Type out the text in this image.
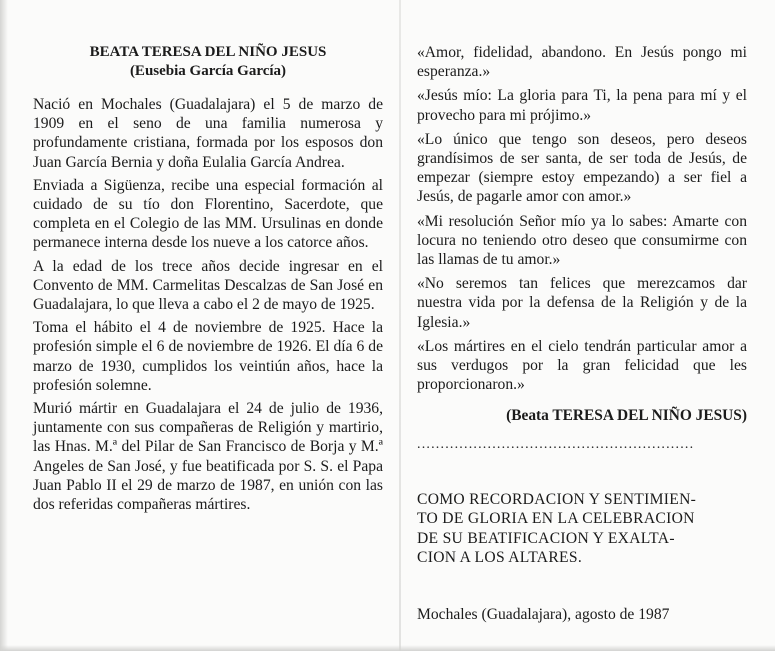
BEATA TERESA DEL NIÑO JESUS

(Eusebia García García)

Nació en Mochales (Guadalajara) el 5 de marzo de 1909 en el seno de una familia numerosa y profundamente cristiana, formada por los esposos don Juan García Bernia y doña Eulalia García Andrea.

Enviada a Sigüenza, recibe una especial formación al cuidado de su tío don Florentino, Sacerdote, que completa en el Colegio de las MM. Ursulinas en donde permanece interna desde los nueve a los catorce años.

A la edad de los trece años decide ingresar en el Convento de MM. Carmelitas Descalzas de San José en Guadalajara, lo que lleva a cabo el 2 de mayo de 1925.

Toma el hábito el 4 de noviembre de 1925. Hace la profesión simple el 6 de noviembre de 1926. El día 6 de marzo de 1930, cumplidos los veintiún años, hace la profesión solemne.

Murió mártir en Guadalajara el 24 de julio de 1936, juntamente con sus compañeras de Religión y martirio, las Hnas. M.ª del Pilar de San Francisco de Borja y M.ª Angeles de San José, y fue beatificada por S. S. el Papa Juan Pablo II el 29 de marzo de 1987, en unión con las dos referidas compañeras mártires.

«Amor, fidelidad, abandono. En Jesús pongo mi esperanza.»

«Jesús mío: La gloria para Ti, la pena para mí y el provecho para mi prójimo.»

«Lo único que tengo son deseos, pero deseos grandísimos de ser santa, de ser toda de Jesús, de empezar (siempre estoy empezando) a ser fiel a Jesús, de pagarle amor con amor.»

«Mi resolución Señor mío ya lo sabes: Amarte con locura no teniendo otro deseo que consumirme con las llamas de tu amor.»

«No seremos tan felices que merezcamos dar nuestra vida por la defensa de la Religión y de la Iglesia.»

«Los mártires en el cielo tendrán particular amor a sus verdugos por la gran felicidad que les proporcionaron.»

(Beata TERESA DEL NIÑO JESUS)
...........................................................
COMO RECORDACION Y SENTIMIEN-
TO DE GLORIA EN LA CELEBRACION
DE SU BEATIFICACION Y EXALTA-
CION A LOS ALTARES.
Mochales (Guadalajara), agosto de 1987
